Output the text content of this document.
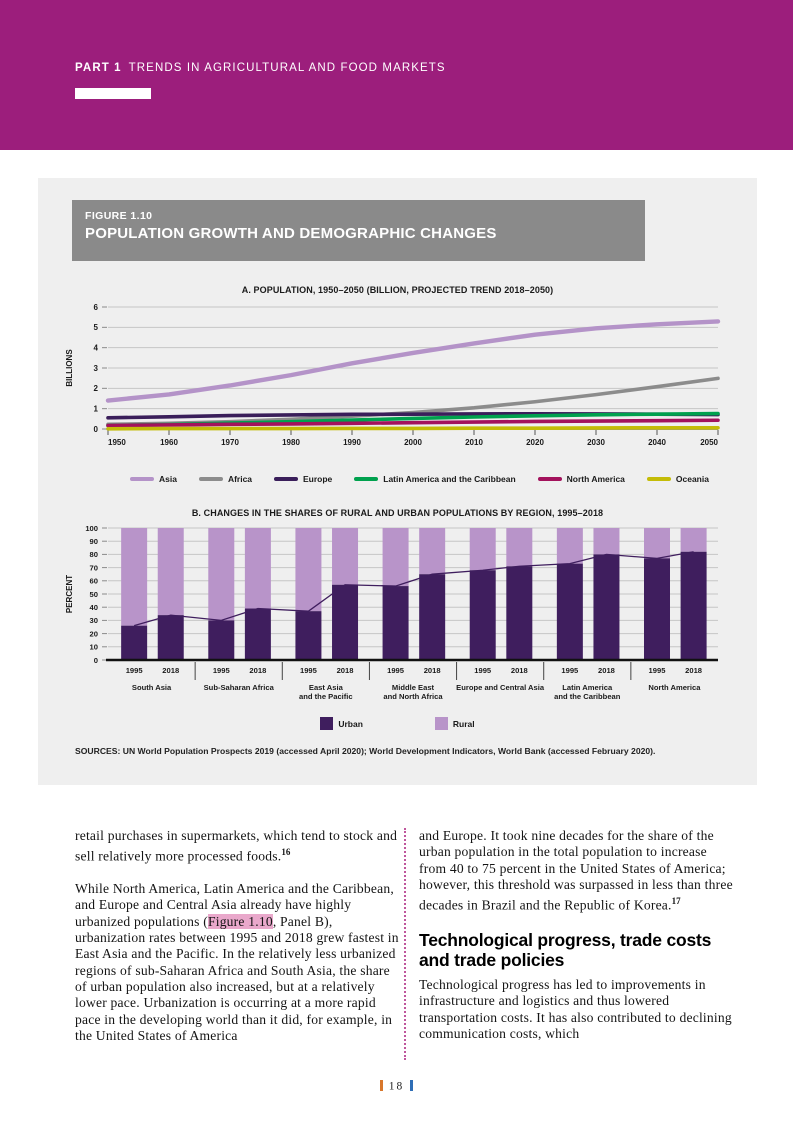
PART 1 TRENDS IN AGRICULTURAL AND FOOD MARKETS
FIGURE 1.10
POPULATION GROWTH AND DEMOGRAPHIC CHANGES
A. POPULATION, 1950–2050 (BILLION, PROJECTED TREND 2018–2050)
0
1
2
3
4
5
6
1950	1960	1970	1980	1990	2000	2010	2020	2030	2040	2050
BILLIONS
Asia	Africa	Europe	Latin America and the Caribbean	North America	Oceania
B. CHANGES IN THE SHARES OF RURAL AND URBAN POPULATIONS BY REGION, 1995–2018
0
10
20
30
40
50
60
70
80
90
100
PERCENT
1995	2018
South Asia
1995	2018
Sub-Saharan Africa
1995	2018
East Asia
and the Pacific
1995	2018
Middle East
and North Africa
1995	2018
Europe and Central Asia
1995	2018
Latin America
and the Caribbean
1995	2018
North America
Urban	Rural
SOURCES: UN World Population Prospects 2019 (accessed April 2020); World Development Indicators, World Bank (accessed February 2020).

retail purchases in supermarkets, which tend to stock and sell relatively more processed foods.$^{16}$

While North America, Latin America and the Caribbean, and Europe and Central Asia already have highly urbanized populations (Figure 1.10, Panel B), urbanization rates between 1995 and 2018 grew fastest in East Asia and the Pacific. In the relatively less urbanized regions of sub-Saharan Africa and South Asia, the share of urban population also increased, but at a relatively lower pace. Urbanization is occurring at a more rapid pace in the developing world than it did, for example, in the United States of America

and Europe. It took nine decades for the share of the urban population in the total population to increase from 40 to 75 percent in the United States of America; however, this threshold was surpassed in less than three decades in Brazil and the Republic of Korea.$^{17}$

Technological progress, trade costs and trade policies

Technological progress has led to improvements in infrastructure and logistics and thus lowered transportation costs. It has also contributed to declining communication costs, which

18
